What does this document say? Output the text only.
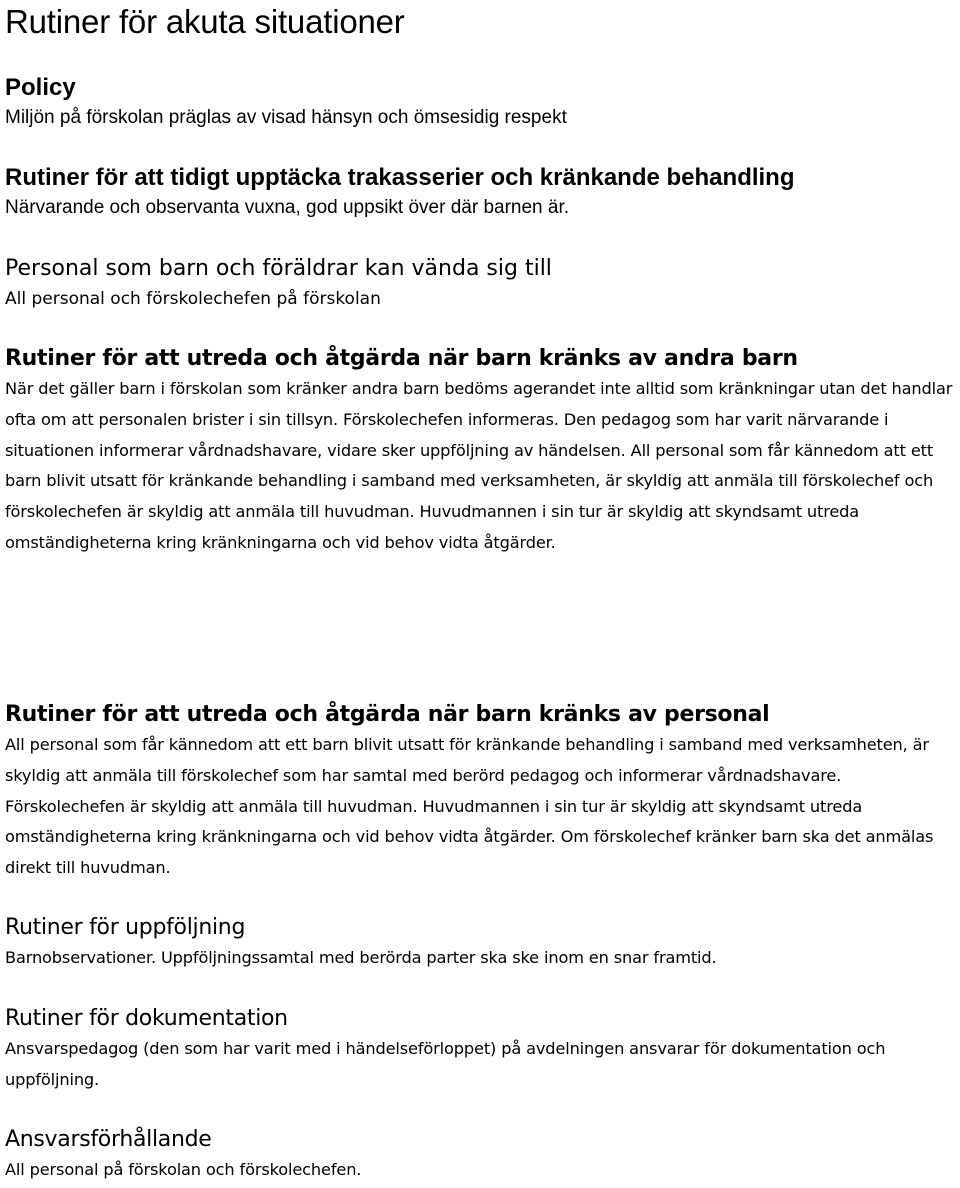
Rutiner för akuta situationer
Policy

Miljön på förskolan präglas av visad hänsyn och ömsesidig respekt

Rutiner för att tidigt upptäcka trakasserier och kränkande behandling

Närvarande och observanta vuxna, god uppsikt över där barnen är.

Personal som barn och föräldrar kan vända sig till

All personal och förskolechefen på förskolan

Rutiner för att utreda och åtgärda när barn kränks av andra barn

När det gäller barn i förskolan som kränker andra barn bedöms agerandet inte alltid som kränkningar utan det handlar ofta om att personalen brister i sin tillsyn. Förskolechefen informeras. Den pedagog som har varit närvarande i situationen informerar vårdnadshavare, vidare sker uppföljning av händelsen. All personal som får kännedom att ett barn blivit utsatt för kränkande behandling i samband med verksamheten, är skyldig att anmäla till förskolechef och förskolechefen är skyldig att anmäla till huvudman. Huvudmannen i sin tur är skyldig att skyndsamt utreda omständigheterna kring kränkningarna och vid behov vidta åtgärder.

Rutiner för att utreda och åtgärda när barn kränks av personal

All personal som får kännedom att ett barn blivit utsatt för kränkande behandling i samband med verksamheten, är skyldig att anmäla till förskolechef som har samtal med berörd pedagog och informerar vårdnadshavare. Förskolechefen är skyldig att anmäla till huvudman. Huvudmannen i sin tur är skyldig att skyndsamt utreda omständigheterna kring kränkningarna och vid behov vidta åtgärder. Om förskolechef kränker barn ska det anmälas direkt till huvudman.

Rutiner för uppföljning

Barnobservationer. Uppföljningssamtal med berörda parter ska ske inom en snar framtid.

Rutiner för dokumentation

Ansvarspedagog (den som har varit med i händelseförloppet) på avdelningen ansvarar för dokumentation och uppföljning.

Ansvarsförhållande

All personal på förskolan och förskolechefen.
